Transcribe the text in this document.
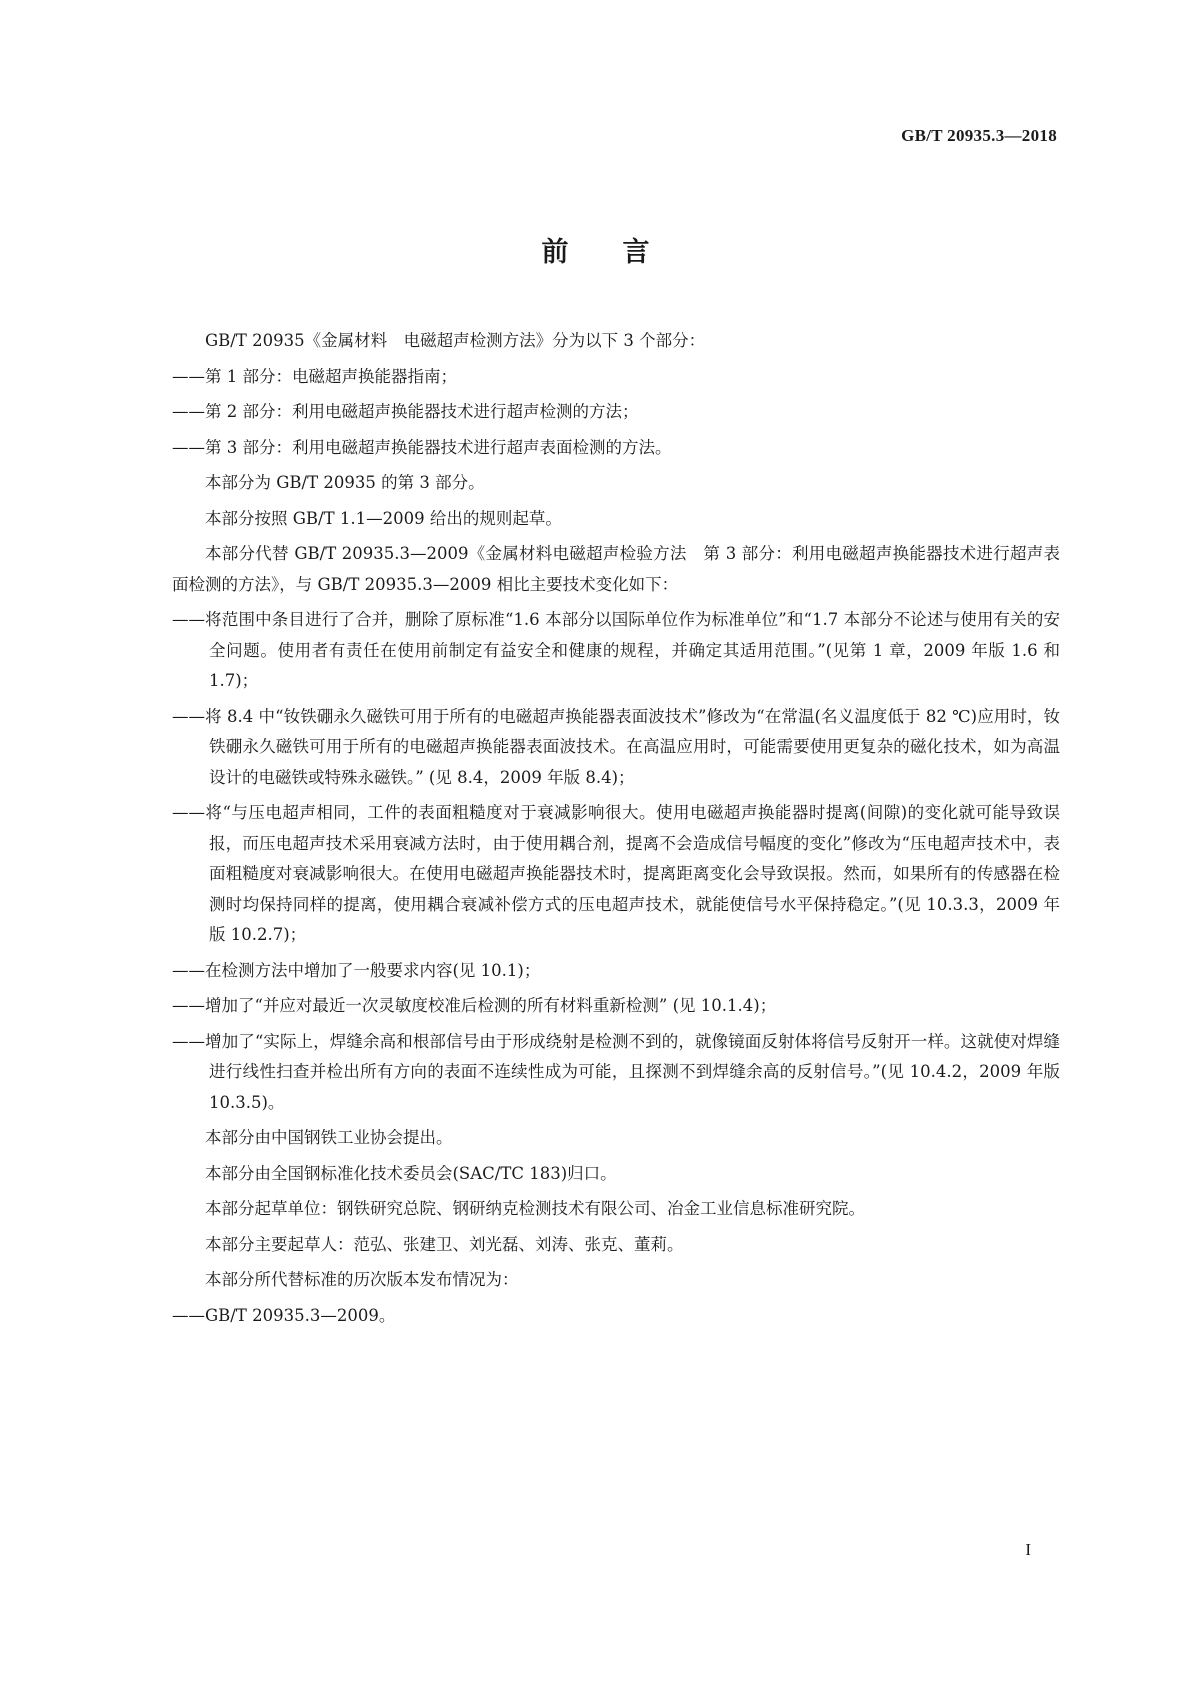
GB/T 20935.3—2018
前言

GB/T 20935《金属材料　电磁超声检测方法》分为以下 3 个部分：

——第 1 部分：电磁超声换能器指南；

——第 2 部分：利用电磁超声换能器技术进行超声检测的方法；

——第 3 部分：利用电磁超声换能器技术进行超声表面检测的方法。

本部分为 GB/T 20935 的第 3 部分。

本部分按照 GB/T 1.1—2009 给出的规则起草。

本部分代替 GB/T 20935.3—2009《金属材料电磁超声检验方法　第 3 部分：利用电磁超声换能器技术进行超声表面检测的方法》，与 GB/T 20935.3—2009 相比主要技术变化如下：

——将范围中条目进行了合并，删除了原标准“1.6 本部分以国际单位作为标准单位”和“1.7 本部分不论述与使用有关的安全问题。使用者有责任在使用前制定有益安全和健康的规程，并确定其适用范围。”(见第 1 章，2009 年版 1.6 和 1.7)；

——将 8.4 中“钕铁硼永久磁铁可用于所有的电磁超声换能器表面波技术”修改为“在常温(名义温度低于 82 ℃)应用时，钕铁硼永久磁铁可用于所有的电磁超声换能器表面波技术。在高温应用时，可能需要使用更复杂的磁化技术，如为高温设计的电磁铁或特殊永磁铁。” (见 8.4，2009 年版 8.4)；

——将“与压电超声相同，工件的表面粗糙度对于衰减影响很大。使用电磁超声换能器时提离(间隙)的变化就可能导致误报，而压电超声技术采用衰减方法时，由于使用耦合剂，提离不会造成信号幅度的变化”修改为“压电超声技术中，表面粗糙度对衰减影响很大。在使用电磁超声换能器技术时，提离距离变化会导致误报。然而，如果所有的传感器在检测时均保持同样的提离，使用耦合衰减补偿方式的压电超声技术，就能使信号水平保持稳定。”(见 10.3.3，2009 年版 10.2.7)；

——在检测方法中增加了一般要求内容(见 10.1)；

——增加了“并应对最近一次灵敏度校准后检测的所有材料重新检测” (见 10.1.4)；

——增加了“实际上，焊缝余高和根部信号由于形成绕射是检测不到的，就像镜面反射体将信号反射开一样。这就使对焊缝进行线性扫查并检出所有方向的表面不连续性成为可能，且探测不到焊缝余高的反射信号。”(见 10.4.2，2009 年版 10.3.5)。

本部分由中国钢铁工业协会提出。

本部分由全国钢标准化技术委员会(SAC/TC 183)归口。

本部分起草单位：钢铁研究总院、钢研纳克检测技术有限公司、冶金工业信息标准研究院。

本部分主要起草人：范弘、张建卫、刘光磊、刘涛、张克、董莉。

本部分所代替标准的历次版本发布情况为：

——GB/T 20935.3—2009。

I
